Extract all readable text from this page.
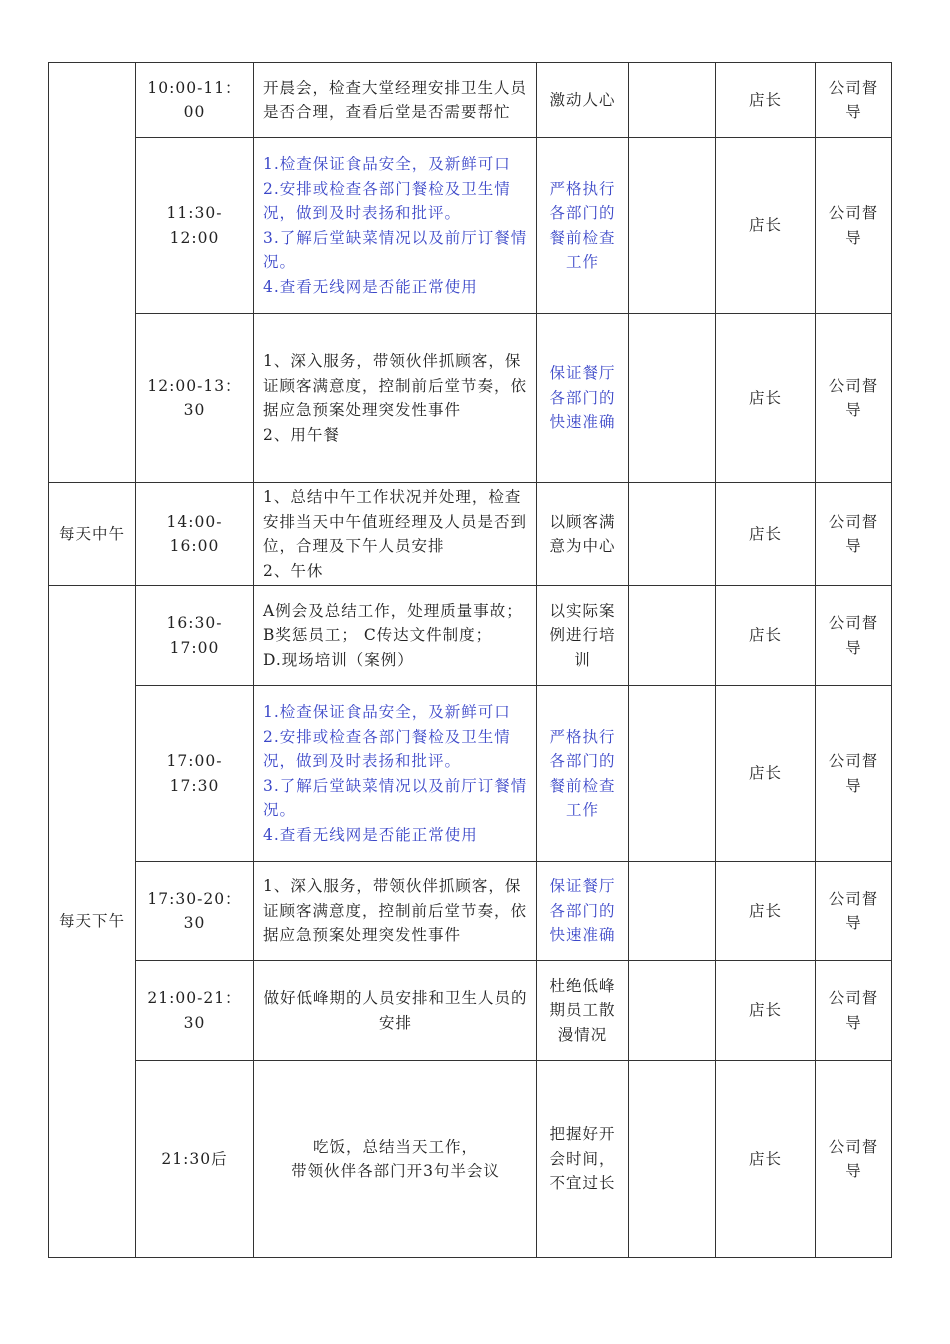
	10:00-11：00	开晨会，检查大堂经理安排卫生人员是否合理，查看后堂是否需要帮忙	激动人心		店长	公司督导
	11:30-12:00	1.检查保证食品安全，及新鲜可口
2.安排或检查各部门餐检及卫生情况，做到及时表扬和批评。
3.了解后堂缺菜情况以及前厅订餐情况。
4.查看无线网是否能正常使用	严格执行各部门的餐前检查工作		店长	公司督导
	12:00-13：30	1、深入服务，带领伙伴抓顾客，保证顾客满意度，控制前后堂节奏，依据应急预案处理突发性事件
2、用午餐	保证餐厅各部门的快速准确		店长	公司督导
每天中午	14:00-16:00	1、总结中午工作状况并处理，检查安排当天中午值班经理及人员是否到位，合理及下午人员安排
2、午休	以顾客满意为中心		店长	公司督导
每天下午	16:30-17:00	A例会及总结工作，处理质量事故； B奖惩员工； C传达文件制度；
D.现场培训（案例）	以实际案例进行培训		店长	公司督导
	17:00-17:30	1.检查保证食品安全，及新鲜可口
2.安排或检查各部门餐检及卫生情况，做到及时表扬和批评。
3.了解后堂缺菜情况以及前厅订餐情况。
4.查看无线网是否能正常使用	严格执行各部门的餐前检查工作		店长	公司督导
	17:30-20：30	1、深入服务，带领伙伴抓顾客，保证顾客满意度，控制前后堂节奏，依据应急预案处理突发性事件	保证餐厅各部门的快速准确		店长	公司督导
	21:00-21：30	做好低峰期的人员安排和卫生人员的安排	杜绝低峰期员工散漫情况		店长	公司督导
	21:30后	吃饭，总结当天工作，
带领伙伴各部门开3句半会议	把握好开会时间，不宜过长		店长	公司督导
